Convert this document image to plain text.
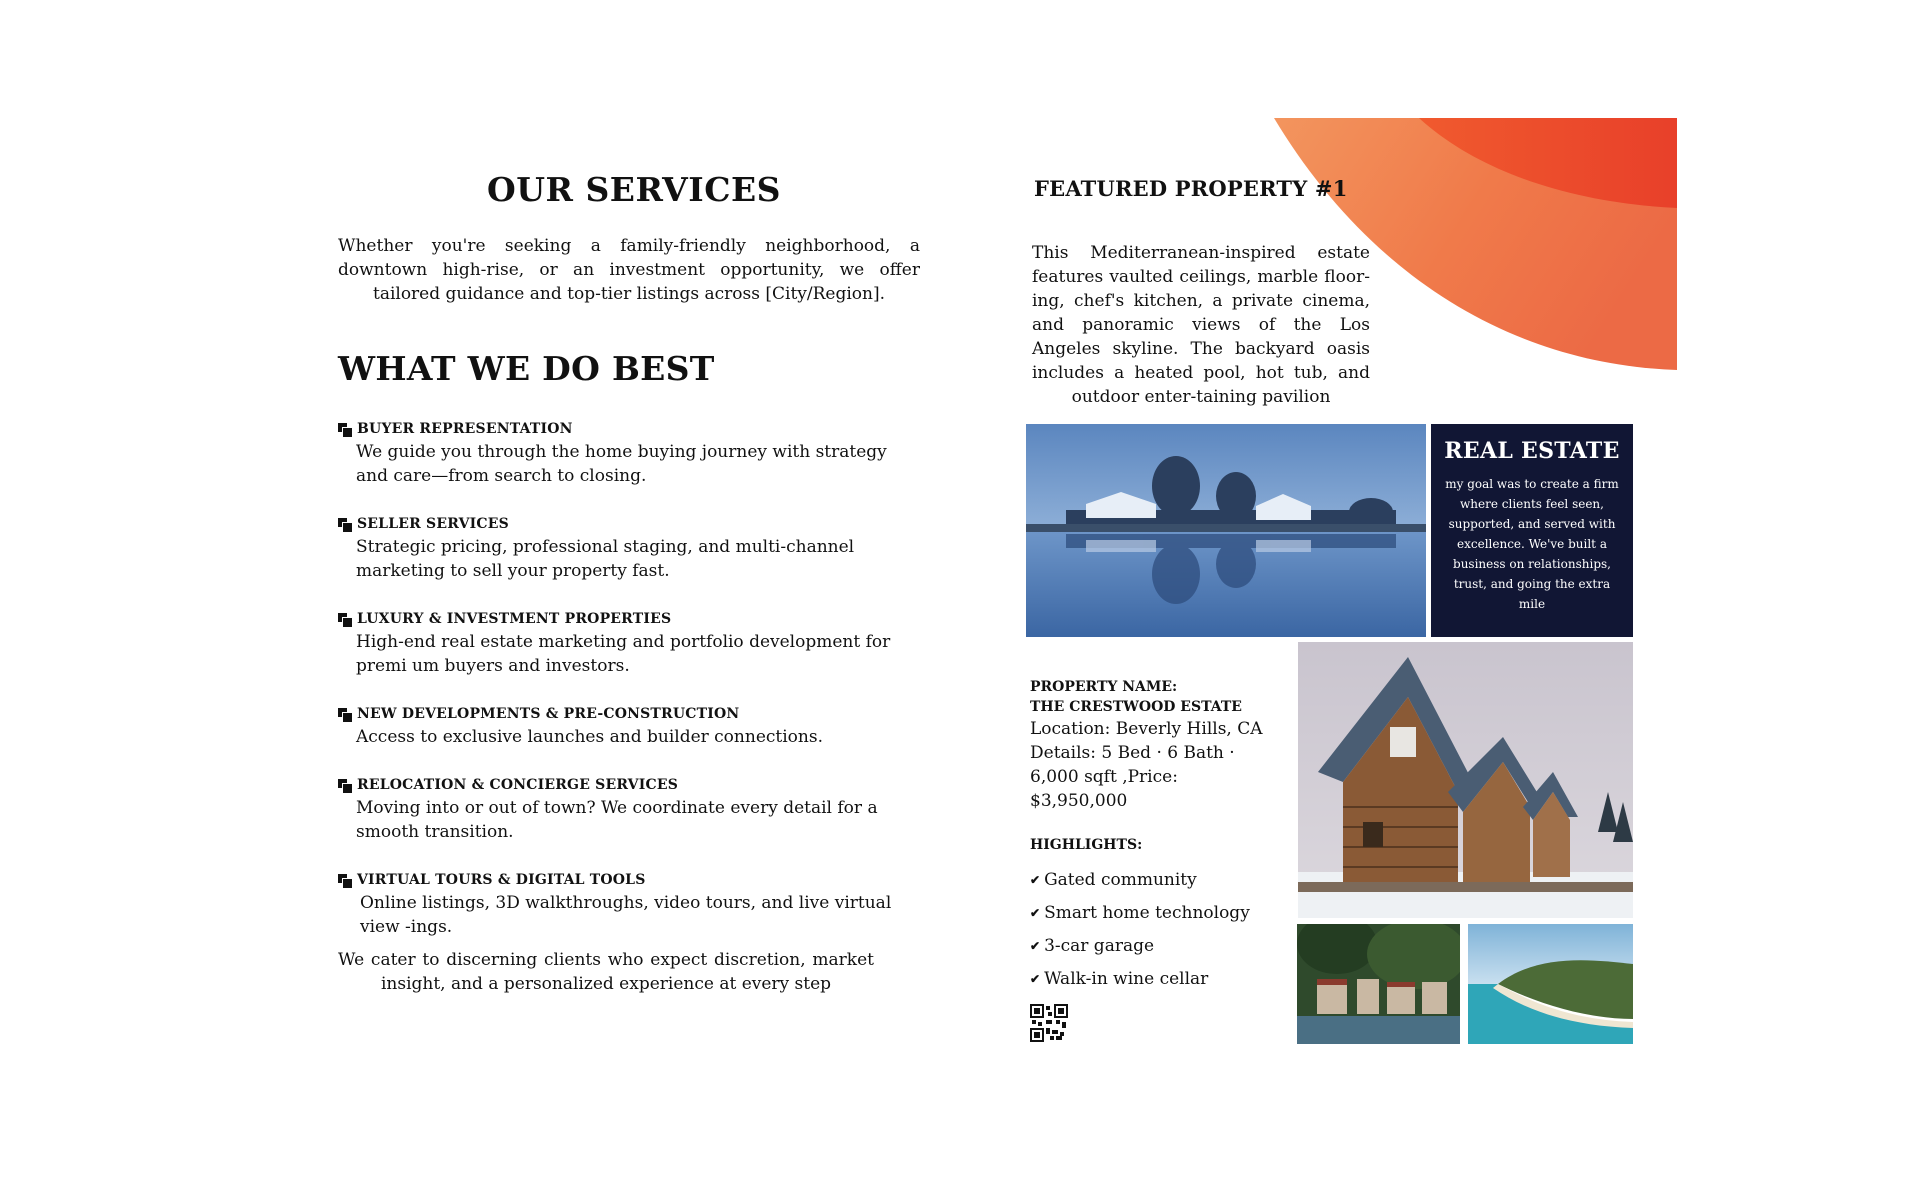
OUR SERVICES

Whether you're seeking a family-friendly neighborhood, a downtown high-rise, or an investment opportunity, we offer tailored guidance and top-tier listings across [City/Region].

WHAT WE DO BEST
BUYER REPRESENTATION

We guide you through the home buying journey with strategy and care—from search to closing.

SELLER SERVICES

Strategic pricing, professional staging, and multi-channel marketing to sell your property fast.

LUXURY & INVESTMENT PROPERTIES

High-end real estate marketing and portfolio development for premi um buyers and investors.

NEW DEVELOPMENTS & PRE-CONSTRUCTION

Access to exclusive launches and builder connections.

RELOCATION & CONCIERGE SERVICES

Moving into or out of town? We coordinate every detail for a smooth transition.

VIRTUAL TOURS & DIGITAL TOOLS

Online listings, 3D walkthroughs, video tours, and live virtual view -ings.

We cater to discerning clients who expect discretion, market insight, and a personalized experience at every step

FEATURED PROPERTY #1

This Mediterranean-inspired estate features vaulted ceilings, marble floor-ing, chef's kitchen, a private cinema, and panoramic views of the Los Angeles skyline. The backyard oasis includes a heated pool, hot tub, and outdoor enter-taining pavilion

REAL ESTATE

my goal was to create a firm where clients feel seen, supported, and served with excellence. We've built a business on relationships, trust, and going the extra mile

PROPERTY NAME:
THE CRESTWOOD ESTATE
Location: Beverly Hills, CA
Details: 5 Bed · 6 Bath · 6,000 sqft ,Price: $3,950,000
HIGHLIGHTS:
✔ Gated community
✔ Smart home technology
✔ 3-car garage
✔ Walk-in wine cellar
